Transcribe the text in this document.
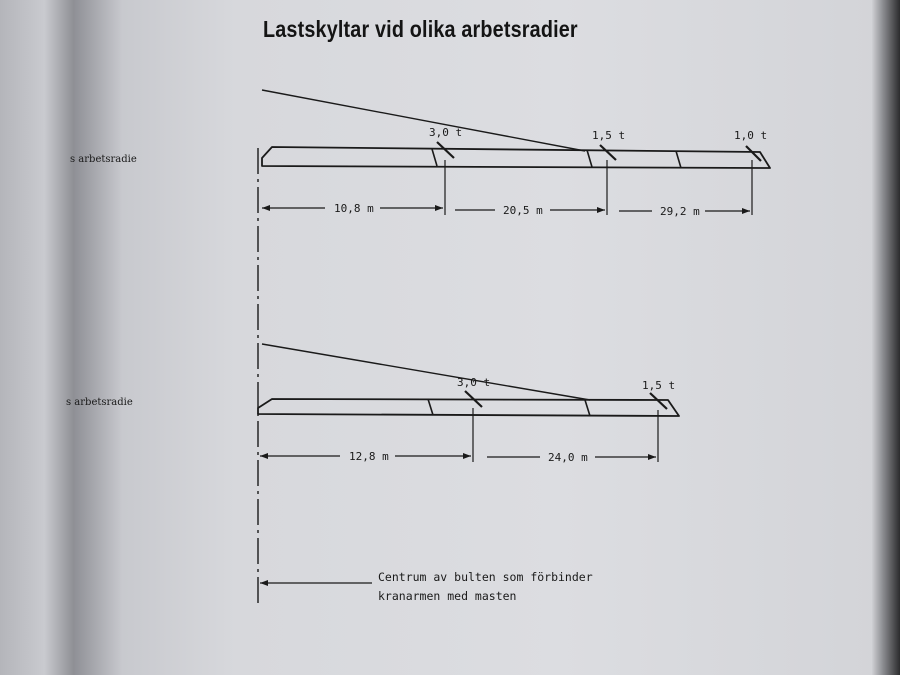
Lastskyltar vid olika arbetsradier
s arbetsradie
3,0 t	1,5 t	1,0 t
10,8 m	20,5 m	29,2 m
s arbetsradie
3,0 t	1,5 t
12,8 m	24,0 m
Centrum av bulten som förbinder
kranarmen med masten
